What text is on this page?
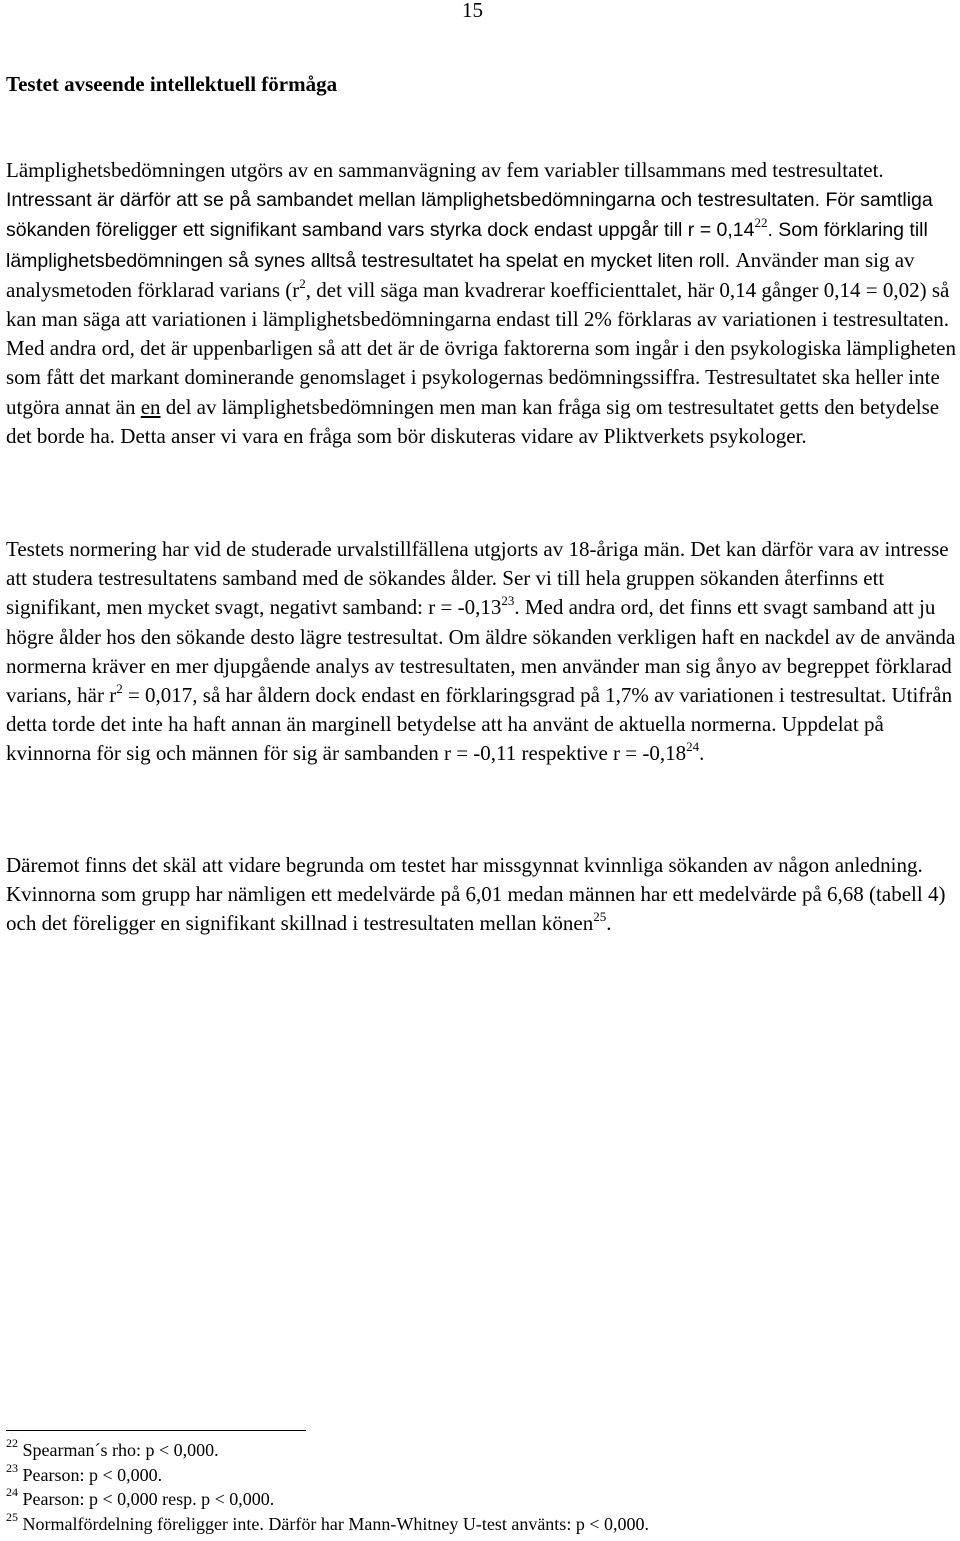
15
Testet avseende intellektuell förmåga

Lämplighetsbedömningen utgörs av en sammanvägning av fem variabler tillsammans med testresultatet. Intressant är därför att se på sambandet mellan lämplighetsbedömningarna och testresultaten. För samtliga sökanden föreligger ett signifikant samband vars styrka dock endast uppgår till $r = 0,14^{22}$. Som förklaring till lämplighetsbedömningen så synes alltså testresultatet ha spelat en mycket liten roll. Använder man sig av analysmetoden förklarad varians ($r^2$, det vill säga man kvadrerar koefficienttalet, här 0,14 gånger 0,14 = 0,02) så kan man säga att variationen i lämplighetsbedömningarna endast till 2% förklaras av variationen i testresultaten. Med andra ord, det är uppenbarligen så att det är de övriga faktorerna som ingår i den psykologiska lämpligheten som fått det markant dominerande genomslaget i psykologernas bedömningssiffra. Testresultatet ska heller inte utgöra annat än en del av lämplighetsbedömningen men man kan fråga sig om testresultatet getts den betydelse det borde ha. Detta anser vi vara en fråga som bör diskuteras vidare av Pliktverkets psykologer.

Testets normering har vid de studerade urvalstillfällena utgjorts av 18-åriga män. Det kan därför vara av intresse att studera testresultatens samband med de sökandes ålder. Ser vi till hela gruppen sökanden återfinns ett signifikant, men mycket svagt, negativt samband: $r = -0,13^{23}$. Med andra ord, det finns ett svagt samband att ju högre ålder hos den sökande desto lägre testresultat. Om äldre sökanden verkligen haft en nackdel av de använda normerna kräver en mer djupgående analys av testresultaten, men använder man sig ånyo av begreppet förklarad varians, här $r^2 = 0,017$, så har åldern dock endast en förklaringsgrad på 1,7% av variationen i testresultat. Utifrån detta torde det inte ha haft annan än marginell betydelse att ha använt de aktuella normerna. Uppdelat på kvinnorna för sig och männen för sig är sambanden r = -0,11 respektive $r = -0,18^{24}$.

Däremot finns det skäl att vidare begrunda om testet har missgynnat kvinnliga sökanden av någon anledning. Kvinnorna som grupp har nämligen ett medelvärde på 6,01 medan männen har ett medelvärde på 6,68 (tabell 4) och det föreligger en signifikant skillnad i testresultaten mellan könen$^{25}$.

$^{22}$ Spearman´s rho: p < 0,000.

$^{23}$ Pearson: p < 0,000.

$^{24}$ Pearson: p < 0,000 resp. p < 0,000.

$^{25}$ Normalfördelning föreligger inte. Därför har Mann-Whitney U-test använts: p < 0,000.
